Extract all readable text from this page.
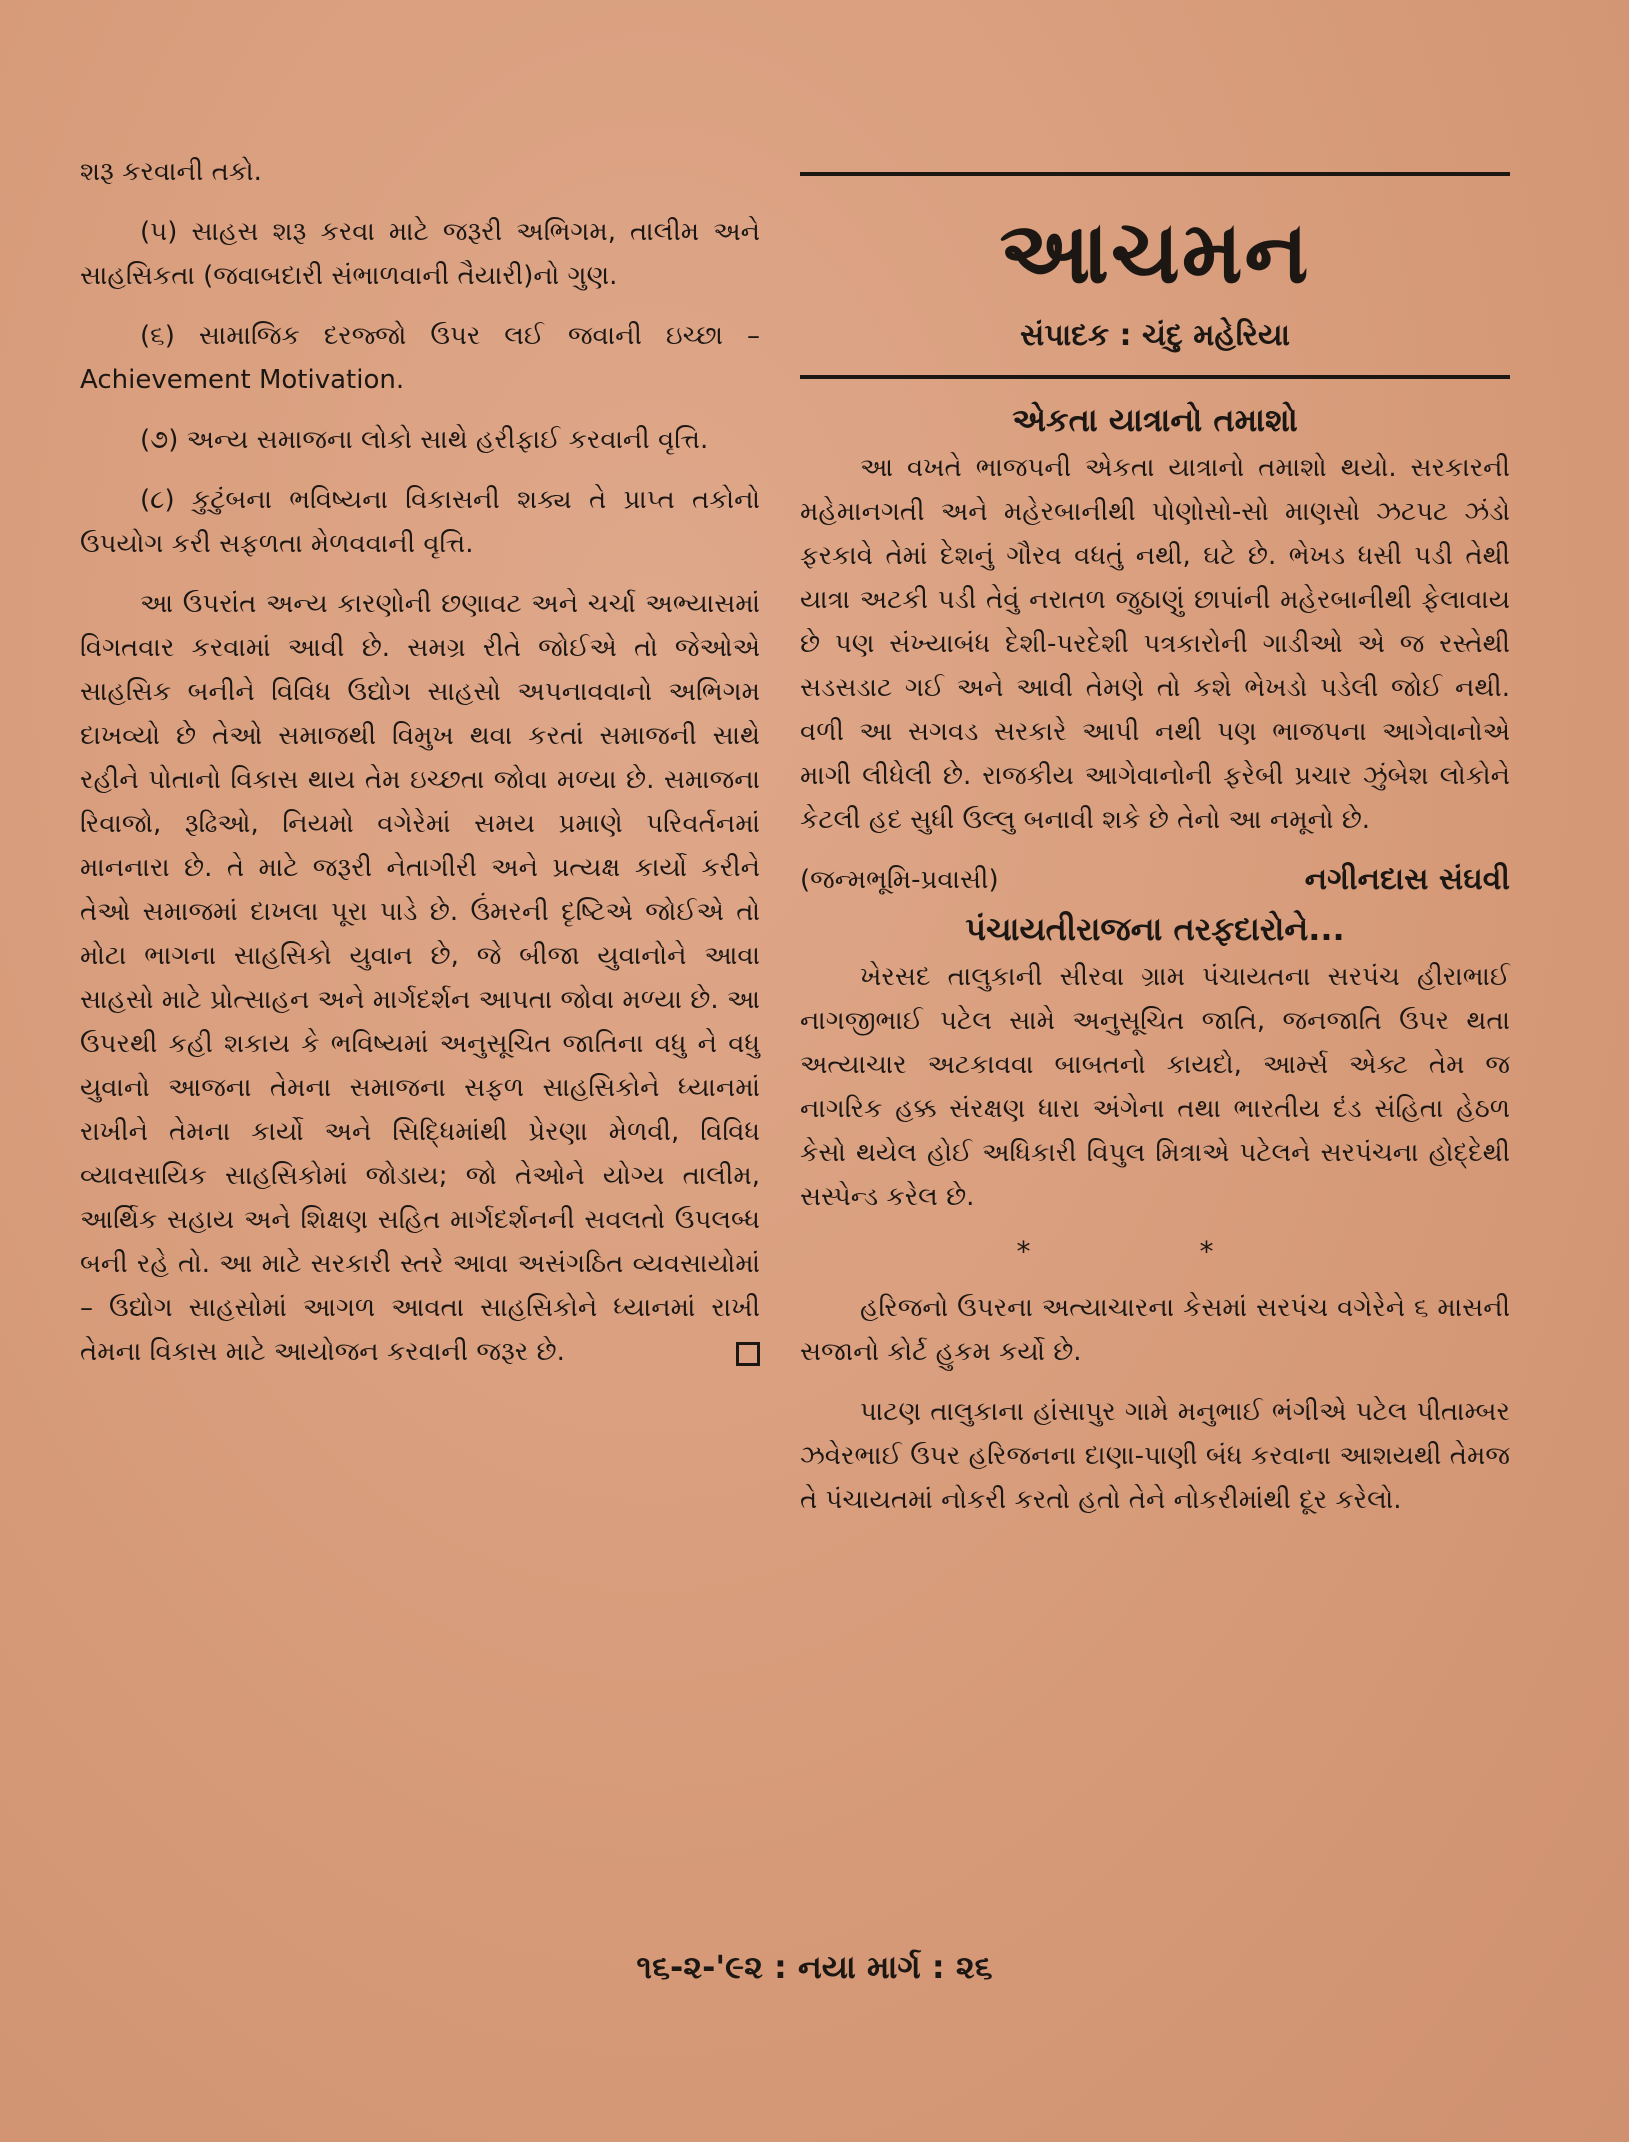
શરૂ કરવાની તકો.

(૫) સાહસ શરૂ કરવા માટે જરૂરી અભિગમ, તાલીમ અને સાહસિકતા (જવાબદારી સંભાળવાની તૈયારી)નો ગુણ.

(૬) સામાજિક દરજ્જો ઉપર લઈ જવાની ઇચ્છા – Achievement Motivation.

(૭) અન્ય સમાજના લોકો સાથે હરીફાઈ કરવાની વૃત્તિ.

(૮) કુટુંબના ભવિષ્યના વિકાસની શક્ય તે પ્રાપ્ત તકોનો ઉપયોગ કરી સફળતા મેળવવાની વૃત્તિ.

આ ઉપરાંત અન્ય કારણોની છણાવટ અને ચર્ચા અભ્યાસમાં વિગતવાર કરવામાં આવી છે. સમગ્ર રીતે જોઈએ તો જેઓએ સાહસિક બનીને વિવિધ ઉદ્યોગ સાહસો અપનાવવાનો અભિગમ દાખવ્યો છે તેઓ સમાજથી વિમુખ થવા કરતાં સમાજની સાથે રહીને પોતાનો વિકાસ થાય તેમ ઇચ્છતા જોવા મળ્યા છે. સમાજના રિવાજો, રૂઢિઓ, નિયમો વગેરેમાં સમય પ્રમાણે પરિવર્તનમાં માનનારા છે. તે માટે જરૂરી નેતાગીરી અને પ્રત્યક્ષ કાર્યો કરીને તેઓ સમાજમાં દાખલા પૂરા પાડે છે. ઉંમરની દૃષ્ટિએ જોઈએ તો મોટા ભાગના સાહસિકો યુવાન છે, જે બીજા યુવાનોને આવા સાહસો માટે પ્રોત્સાહન અને માર્ગદર્શન આપતા જોવા મળ્યા છે. આ ઉપરથી કહી શકાય કે ભવિષ્યમાં અનુસૂચિત જાતિના વધુ ને વધુ યુવાનો આજના તેમના સમાજના સફળ સાહસિકોને ધ્યાનમાં રાખીને તેમના કાર્યો અને સિદ્ધિમાંથી પ્રેરણા મેળવી, વિવિધ વ્યાવસાયિક સાહસિકોમાં જોડાય; જો તેઓને યોગ્ય તાલીમ, આર્થિક સહાય અને શિક્ષણ સહિત માર્ગદર્શનની સવલતો ઉપલબ્ધ બની રહે તો. આ માટે સરકારી સ્તરે આવા અસંગઠિત વ્યવસાયોમાં – ઉદ્યોગ સાહસોમાં આગળ આવતા સાહસિકોને ધ્યાનમાં રાખી તેમના વિકાસ માટે આયોજન કરવાની જરૂર છે.

આચમન
સંપાદક : ચંદુ મહેરિયા
એકતા યાત્રાનો તમાશો

આ વખતે ભાજપની એકતા યાત્રાનો તમાશો થયો. સરકારની મહેમાનગતી અને મહેરબાનીથી પોણોસો-સો માણસો ઝટપટ ઝંડો ફરકાવે તેમાં દેશનું ગૌરવ વધતું નથી, ઘટે છે. ભેખડ ધસી પડી તેથી યાત્રા અટકી પડી તેવું નરાતળ જુઠાણું છાપાંની મહેરબાનીથી ફેલાવાય છે પણ સંખ્યાબંધ દેશી-પરદેશી પત્રકારોની ગાડીઓ એ જ રસ્તેથી સડસડાટ ગઈ અને આવી તેમણે તો કશે ભેખડો પડેલી જોઈ નથી. વળી આ સગવડ સરકારે આપી નથી પણ ભાજપના આગેવાનોએ માગી લીધેલી છે. રાજકીય આગેવાનોની ફરેબી પ્રચાર ઝુંબેશ લોકોને કેટલી હદ સુધી ઉલ્લુ બનાવી શકે છે તેનો આ નમૂનો છે.

(જન્મભૂમિ-પ્રવાસી)	નગીનદાસ સંઘવી
પંચાયતીરાજના તરફદારોને...

ખેરસદ તાલુકાની સીરવા ગ્રામ પંચાયતના સરપંચ હીરાભાઈ નાગજીભાઈ પટેલ સામે અનુસૂચિત જાતિ, જનજાતિ ઉપર થતા અત્યાચાર અટકાવવા બાબતનો કાયદો, આર્મ્સ એક્ટ તેમ જ નાગરિક હક્ક સંરક્ષણ ધારા અંગેના તથા ભારતીય દંડ સંહિતા હેઠળ કેસો થયેલ હોઈ અધિકારી વિપુલ મિત્રાએ પટેલને સરપંચના હોદ્દેથી સસ્પેન્ડ કરેલ છે.

* *

હરિજનો ઉપરના અત્યાચારના કેસમાં સરપંચ વગેરેને ૬ માસની સજાનો કોર્ટ હુકમ કર્યો છે.

પાટણ તાલુકાના હાંસાપુર ગામે મનુભાઈ ભંગીએ પટેલ પીતામ્બર ઝવેરભાઈ ઉપર હરિજનના દાણા-પાણી બંધ કરવાના આશયથી તેમજ તે પંચાયતમાં નોકરી કરતો હતો તેને નોકરીમાંથી દૂર કરેલો.

૧૬-૨-'૯૨ : નયા માર્ગ : ૨૬
